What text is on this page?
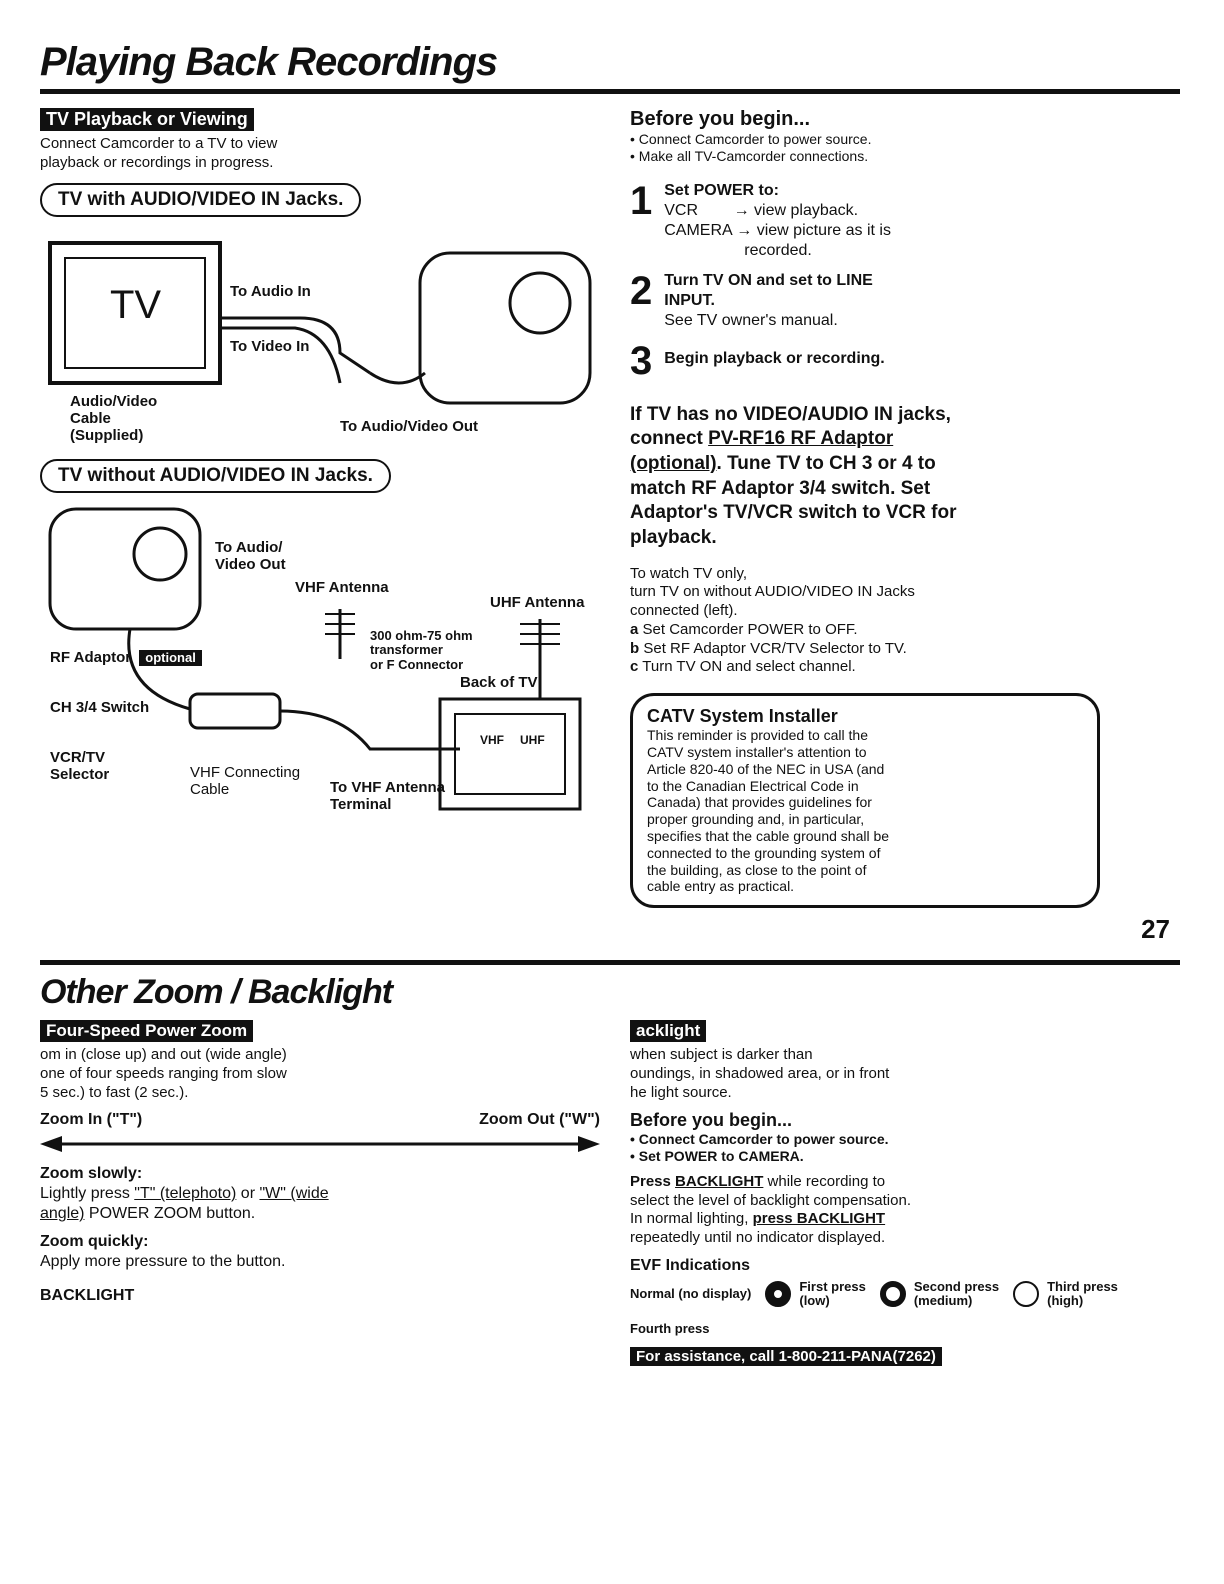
Playing Back Recordings
TV Playback or Viewing
Connect Camcorder to a TV to view
playback or recordings in progress.
TV with AUDIO/VIDEO IN Jacks.
TV	To Audio In
To Video In
Audio/Video
Cable
(Supplied)
To Audio/Video Out
TV without AUDIO/VIDEO IN Jacks.
To Audio/
Video Out
RF Adaptor optional
CH 3/4 Switch
VCR/TV
Selector	VHF Connecting
Cable	To VHF Antenna
Terminal
VHF Antenna
300 ohm-75 ohm
transformer
or F Connector
Back of TV
UHF Antenna
VHF UHF
Before you begin...
• Connect Camcorder to power source.
• Make all TV-Camcorder connections.
1 Set POWER to:
VCR        → view playback.
CAMERA → view picture as it is
recorded.
2 Turn TV ON and set to LINE
INPUT.
See TV owner's manual.
3 Begin playback or recording.
If TV has no VIDEO/AUDIO IN jacks,
connect PV-RF16 RF Adaptor
(optional). Tune TV to CH 3 or 4 to
match RF Adaptor 3/4 switch. Set
Adaptor's TV/VCR switch to VCR for
playback.
To watch TV only,
turn TV on without AUDIO/VIDEO IN Jacks
connected (left).
a Set Camcorder POWER to OFF.
b Set RF Adaptor VCR/TV Selector to TV.
c Turn TV ON and select channel.
CATV System Installer
This reminder is provided to call the
CATV system installer's attention to
Article 820-40 of the NEC in USA (and
to the Canadian Electrical Code in
Canada) that provides guidelines for
proper grounding and, in particular,
specifies that the cable ground shall be
connected to the grounding system of
the building, as close to the point of
cable entry as practical.
27
Other Zoom / Backlight
Four-Speed Power Zoom
om in (close up) and out (wide angle)
one of four speeds ranging from slow
5 sec.) to fast (2 sec.).
Zoom In ("T")	Zoom Out ("W")
Zoom slowly:
Lightly press "T" (telephoto) or "W" (wide
angle) POWER ZOOM button.
Zoom quickly:
Apply more pressure to the button.
BACKLIGHT
acklight
when subject is darker than
oundings, in shadowed area, or in front
he light source.
Before you begin...
• Connect Camcorder to power source.
• Set POWER to CAMERA.
Press BACKLIGHT while recording to
select the level of backlight compensation.
In normal lighting, press BACKLIGHT
repeatedly until no indicator displayed.
EVF Indications
Normal (no display)	First press
(low)
Second press
(medium)
Third press
(high)
Fourth press
For assistance, call 1-800-211-PANA(7262)
